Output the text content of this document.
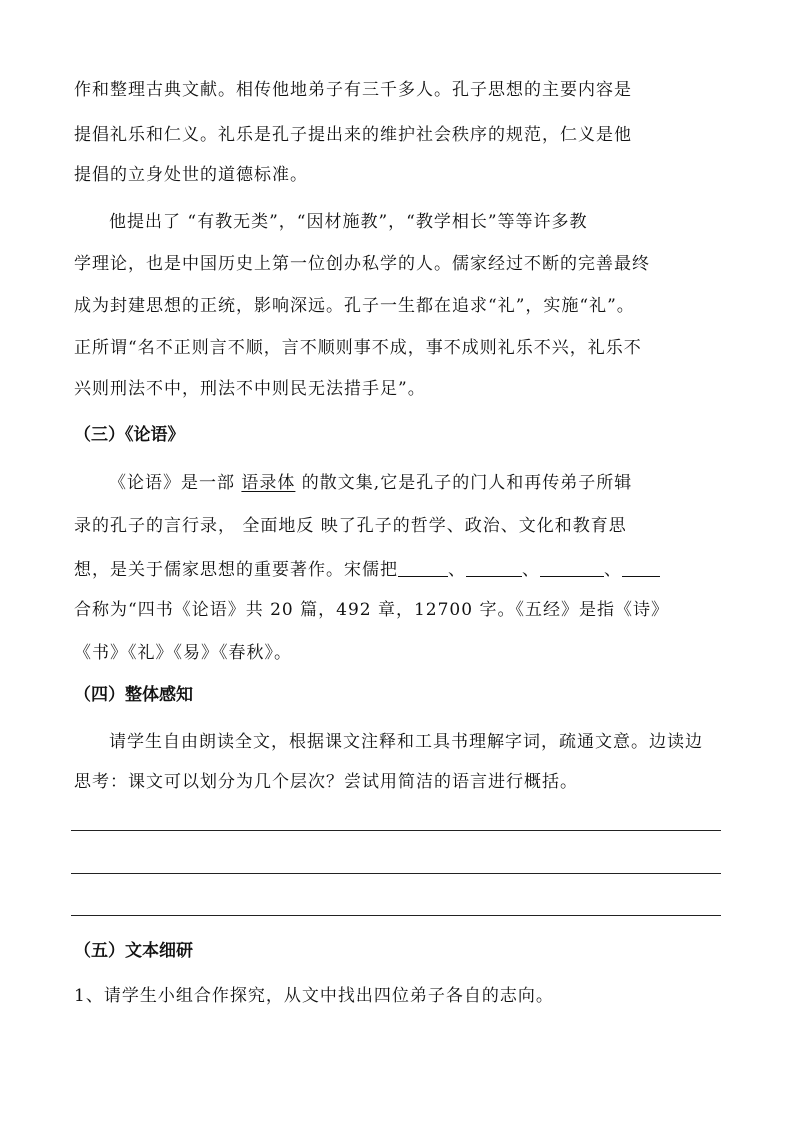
作和整理古典文献。相传他地弟子有三千多人。孔子思想的主要内容是
提倡礼乐和仁义。礼乐是孔子提出来的维护社会秩序的规范，仁义是他
提倡的立身处世的道德标准。
他提出了 “有教无类”，“因材施教”，“教学相长”等等许多教
学理论，也是中国历史上第一位创办私学的人。儒家经过不断的完善最终
成为封建思想的正统，影响深远。孔子一生都在追求“礼”，实施“礼”。
正所谓“名不正则言不顺，言不顺则事不成，事不成则礼乐不兴，礼乐不
兴则刑法不中，刑法不中则民无法措手足”。
（三）《论语》
《论语》是一部 语录体 的散文集,它是孔子的门人和再传弟子所辑
录的孔子的言行录， 全面地反 映了孔子的哲学、政治、文化和教育思
想，是关于儒家思想的重要著作。宋儒把	、	、	、
合称为“四书《论语》共 20 篇，492 章，12700 字。《五经》是指《诗》
《书》《礼》《易》《春秋》。
（四）整体感知
请学生自由朗读全文，根据课文注释和工具书理解字词，疏通文意。边读边
思考：课文可以划分为几个层次？尝试用简洁的语言进行概括。
（五）文本细研
1、请学生小组合作探究，从文中找出四位弟子各自的志向。
